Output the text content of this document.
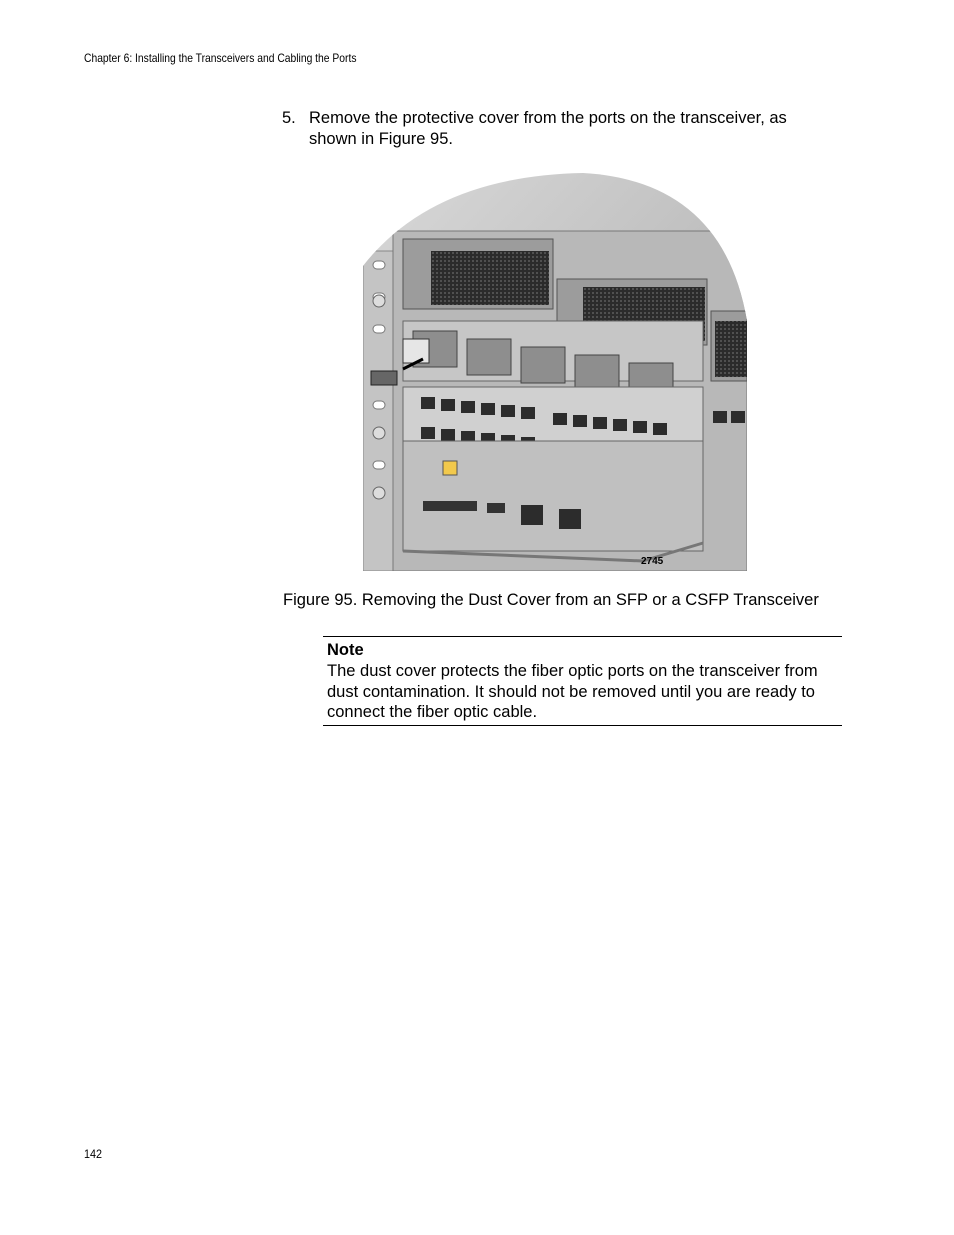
Chapter 6: Installing the Transceivers and Cabling the Ports
5. Remove the protective cover from the ports on the transceiver, as shown in Figure 95.
2745
Figure 95. Removing the Dust Cover from an SFP or a CSFP Transceiver
Note
The dust cover protects the fiber optic ports on the transceiver from dust contamination. It should not be removed until you are ready to connect the fiber optic cable.
142
